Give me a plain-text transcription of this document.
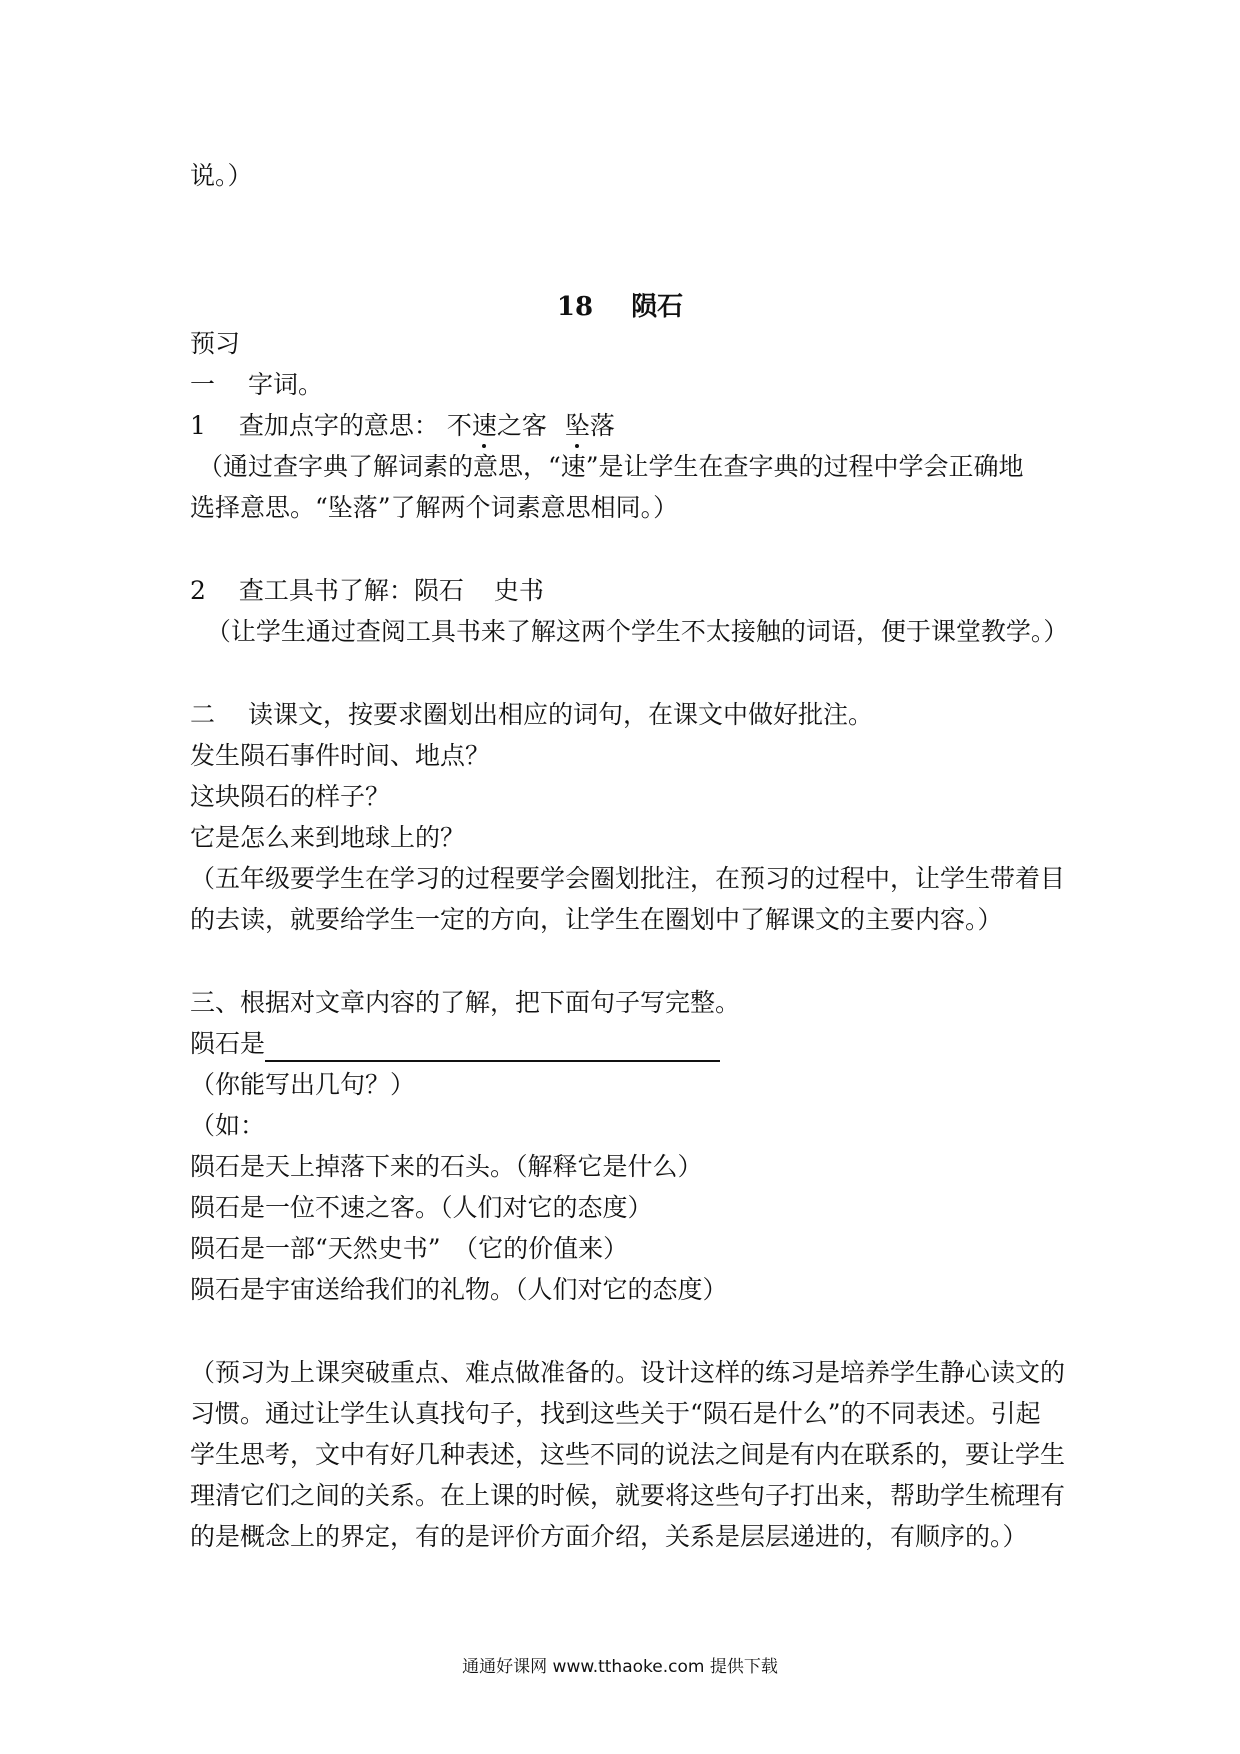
说。）

18 陨石

预习

一　 字词。

1　 查加点字的意思： 不速之客 坠落

（通过查字典了解词素的意思，“速”是让学生在查字典的过程中学会正确地

选择意思。“坠落”了解两个词素意思相同。）

2　 查工具书了解：陨石 史书

（让学生通过查阅工具书来了解这两个学生不太接触的词语，便于课堂教学。）

二　 读课文，按要求圈划出相应的词句，在课文中做好批注。

发生陨石事件时间、地点？

这块陨石的样子？

它是怎么来到地球上的？

（五年级要学生在学习的过程要学会圈划批注，在预习的过程中，让学生带着目

的去读，就要给学生一定的方向，让学生在圈划中了解课文的主要内容。）

三、根据对文章内容的了解，把下面句子写完整。

陨石是

（你能写出几句？）

（如：

陨石是天上掉落下来的石头。（解释它是什么）

陨石是一位不速之客。（人们对它的态度）

陨石是一部“天然史书”　（它的价值来）

陨石是宇宙送给我们的礼物。（人们对它的态度）

（预习为上课突破重点、难点做准备的。设计这样的练习是培养学生静心读文的

习惯。通过让学生认真找句子，找到这些关于“陨石是什么”的不同表述。引起

学生思考，文中有好几种表述，这些不同的说法之间是有内在联系的，要让学生

理清它们之间的关系。在上课的时候，就要将这些句子打出来，帮助学生梳理有

的是概念上的界定，有的是评价方面介绍，关系是层层递进的，有顺序的。）

通通好课网 www.tthaoke.com 提供下载
